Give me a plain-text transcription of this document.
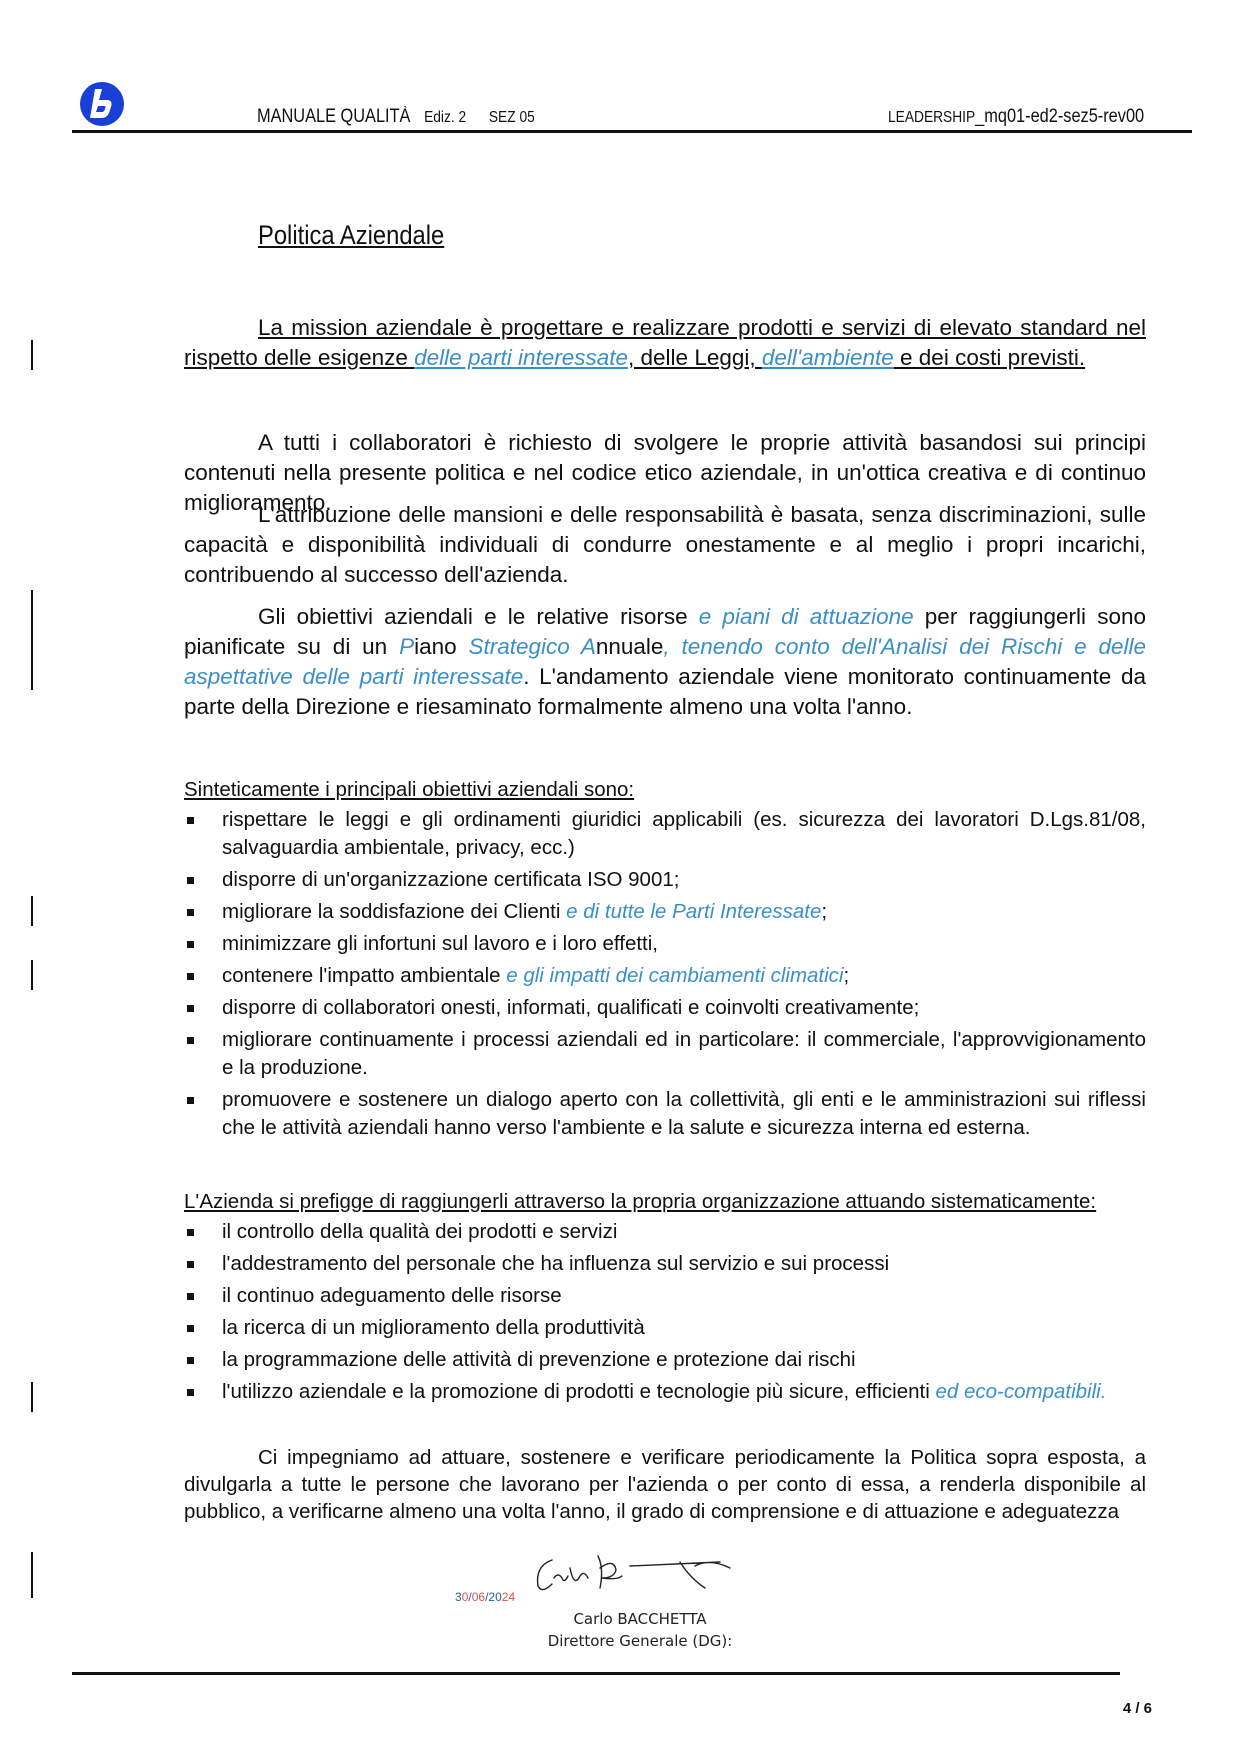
MANUALE QUALITÀ Ediz. 2 SEZ 05	LEADERSHIP_mq01-ed2-sez5-rev00
Politica Aziendale
La mission aziendale è progettare e realizzare prodotti e servizi di elevato standard nel rispetto delle esigenze delle parti interessate, delle Leggi, dell'ambiente e dei costi previsti.
A tutti i collaboratori è richiesto di svolgere le proprie attività basandosi sui principi contenuti nella presente politica e nel codice etico aziendale, in un'ottica creativa e di continuo miglioramento.
L'attribuzione delle mansioni e delle responsabilità è basata, senza discriminazioni, sulle capacità e disponibilità individuali di condurre onestamente e al meglio i propri incarichi, contribuendo al successo dell'azienda.
Gli obiettivi aziendali e le relative risorse e piani di attuazione per raggiungerli sono pianificate su di un Piano Strategico Annuale, tenendo conto dell'Analisi dei Rischi e delle aspettative delle parti interessate. L'andamento aziendale viene monitorato continuamente da parte della Direzione e riesaminato formalmente almeno una volta l'anno.
Sinteticamente i principali obiettivi aziendali sono:
rispettare le leggi e gli ordinamenti giuridici applicabili (es. sicurezza dei lavoratori D.Lgs.81/08, salvaguardia ambientale, privacy, ecc.)
disporre di un'organizzazione certificata ISO 9001;
migliorare la soddisfazione dei Clienti e di tutte le Parti Interessate;
minimizzare gli infortuni sul lavoro e i loro effetti,
contenere l'impatto ambientale e gli impatti dei cambiamenti climatici;
disporre di collaboratori onesti, informati, qualificati e coinvolti creativamente;
migliorare continuamente i processi aziendali ed in particolare: il commerciale, l'approvvigionamento e la produzione.
promuovere e sostenere un dialogo aperto con la collettività, gli enti e le amministrazioni sui riflessi che le attività aziendali hanno verso l'ambiente e la salute e sicurezza interna ed esterna.
L'Azienda si prefigge di raggiungerli attraverso la propria organizzazione attuando sistematicamente:
il controllo della qualità dei prodotti e servizi
l'addestramento del personale che ha influenza sul servizio e sui processi
il continuo adeguamento delle risorse
la ricerca di un miglioramento della produttività
la programmazione delle attività di prevenzione e protezione dai rischi
l'utilizzo aziendale e la promozione di prodotti e tecnologie più sicure, efficienti ed eco-compatibili.
Ci impegniamo ad attuare, sostenere e verificare periodicamente la Politica sopra esposta, a divulgarla a tutte le persone che lavorano per l'azienda o per conto di essa, a renderla disponibile al pubblico, a verificarne almeno una volta l'anno, il grado di comprensione e di attuazione e adeguatezza
30/06/2024
Carlo BACCHETTA
Direttore Generale (DG):
4 / 6
